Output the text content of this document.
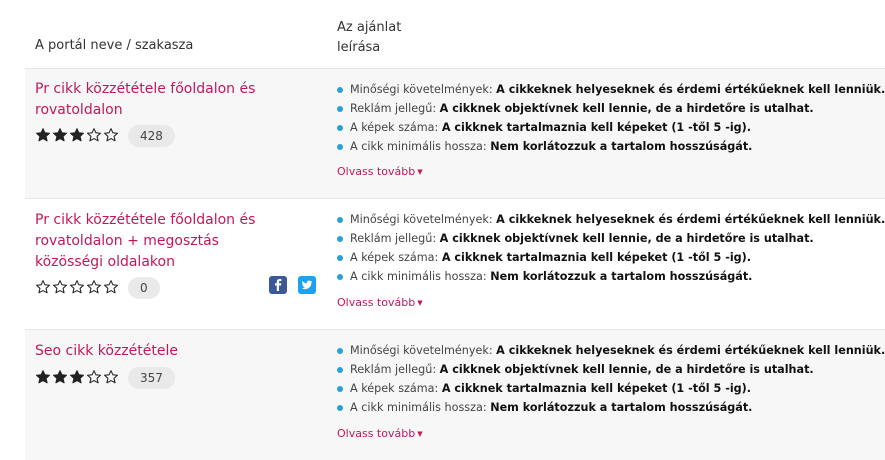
A portál neve / szakasza
Az ajánlat
leírása
Pr cikk közzététele főoldalon és rovatoldalon
428
Minőségi követelmények:
A cikkeknek helyeseknek és érdemi értékűeknek kell lenniük.
Reklám jellegű:
A cikknek objektívnek kell lennie, de a hirdetőre is utalhat.
A képek száma:
A cikknek tartalmaznia kell képeket (1 -től 5 -ig).
A cikk minimális hossza:
Nem korlátozzuk a tartalom hosszúságát.
Olvass tovább ▼
Pr cikk közzététele főoldalon és rovatoldalon + megosztás közösségi oldalakon
0
Minőségi követelmények:
A cikkeknek helyeseknek és érdemi értékűeknek kell lenniük.
Reklám jellegű:
A cikknek objektívnek kell lennie, de a hirdetőre is utalhat.
A képek száma:
A cikknek tartalmaznia kell képeket (1 -től 5 -ig).
A cikk minimális hossza:
Nem korlátozzuk a tartalom hosszúságát.
Olvass tovább ▼
Seo cikk közzététele
357
Minőségi követelmények:
A cikkeknek helyeseknek és érdemi értékűeknek kell lenniük.
Reklám jellegű:
A cikknek objektívnek kell lennie, de a hirdetőre is utalhat.
A képek száma:
A cikknek tartalmaznia kell képeket (1 -től 5 -ig).
A cikk minimális hossza:
Nem korlátozzuk a tartalom hosszúságát.
Olvass tovább ▼
